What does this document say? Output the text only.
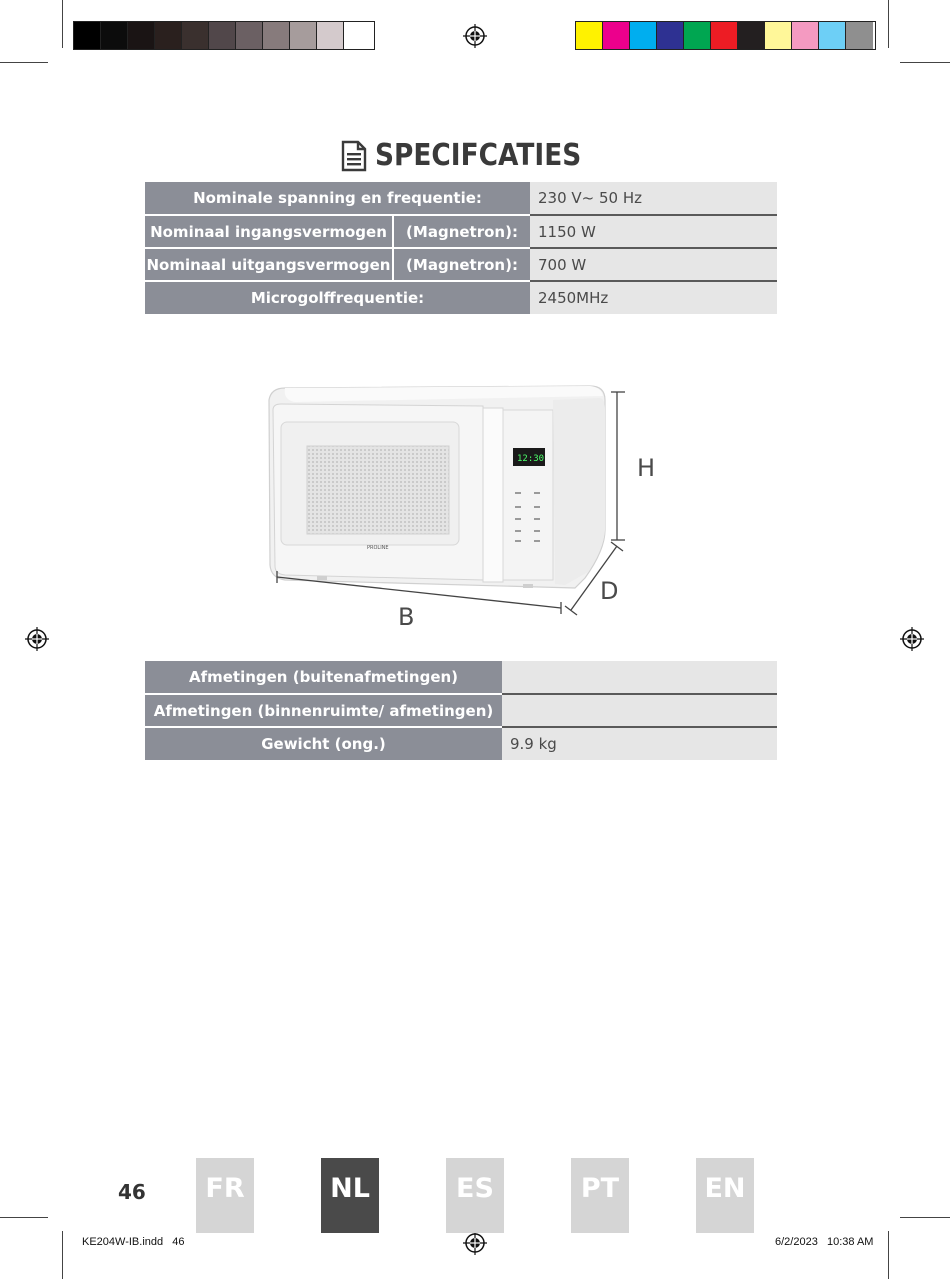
SPECIFCATIES
Nominale spanning en frequentie:		230 V~ 50 Hz
Nominaal ingangsvermogen	(Magnetron):	1150 W
Nominaal uitgangsvermogen	(Magnetron):	700 W
Microgolffrequentie:		2450MHz
PROLINE
12:30	H
D
B
Afmetingen (buitenafmetingen)	
Afmetingen (binnenruimte/ afmetingen)	
Gewicht (ong.)	9.9 kg
46	FR	NL	ES	PT	EN
KE204W-IB.indd   46	6/2/2023   10:38 AM
